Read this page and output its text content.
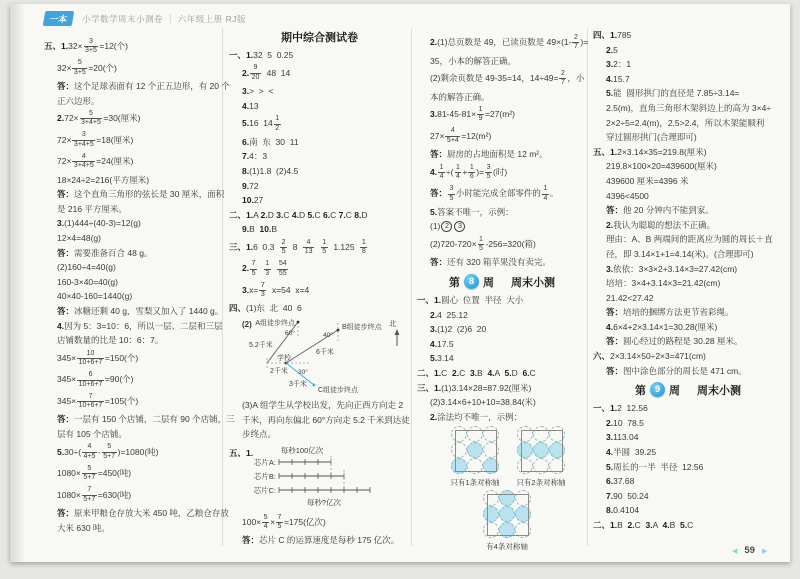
一本	小学数学周末小测卷 ｜ 六年级上册 RJ版
五、$1.32\times \frac{3}{3+5} =12$(个)
$32\times \frac{5}{3+5} =20$(个)
答：这个足球表面有 12 个正五边形，有 20 个
正六边形。
$2.72\times \frac{5}{3+4+5} =30$(厘米)
$72\times \frac{3}{3+4+5} =18$(厘米)
$72\times \frac{4}{3+4+5} =24$(厘米)
18×24÷2=216(平方厘米)
答：这个直角三角形的弦长是 30 厘米，面积
是 216 平方厘米。
3.(1)444÷(40-3)=12(g)
12×4=48(g)
答：需要准备百合 48 g。
(2)160÷4=40(g)
160-3×40=40(g)
40×40-160=1440(g)
答：冰糖还剩 40 g，雪梨又加入了 1440 g。
4.因为 5：3=10：6，所以一层、二层和三层
店铺数量的比是 10：6：7。
$345\times \frac{10}{10+6+7} =150$(个)
$345\times \frac{6}{10+6+7} =90$(个)
$345\times \frac{7}{10+6+7} =105$(个)
答：一层有 150 个店铺，二层有 90 个店铺，三
层有 105 个店铺。
$5.30\div( \frac{4}{4+5} - \frac{5}{5+7} )=1080$(吨)
$1080\times \frac{5}{5+7} =450$(吨)
$1080\times \frac{7}{5+7} =630$(吨)
答：原来甲粮仓存放大米 450 吨，乙粮仓存放
大米 630 吨。
期中综合测试卷
一、1.32  5  0.25
2. $\frac{9}{20} 48$  14
3.>  >  <
4.13
5.16  $14 \frac{1}{2}$
6.南  东  30  11
7.4：3
8.(1)1.8  (2)4.5
9.72
10.27
二、1.A 2.D 3.C 4.D 5.C 6.C 7.C 8.D
9.B  10.B
三、1.6  $0.3 \frac{2}{5} 8 \frac{4}{13}$
$\frac{1}{5} 1.125 \frac{1}{8}$
2. $\frac{7}{5}$
$\frac{1}{3}$
$\frac{54}{55}$
$3.x= \frac{7}{3} x=54$  x=4
四、(1)东  北  40  6
(2) A组徒步终点
60°
5.2千米
2千米
学校
40°
B组徒步终点
6千米
北
30°
3千米
C组徒步终点
(3)A 组学生从学校出发，先向正西方向走 2
千米，再向东偏北 60°方向走 5.2 千米到达徒
步终点。
五、1.	每秒100亿次
芯片A:
芯片B:
芯片C:
每秒?亿次
$100\times \frac{5}{4} \times \frac{7}{5} =175$(亿次)
答：芯片 C 的运算速度是每秒 175 亿次。
2.(1)总页数是 49，已读页数是 $49\times(1- \frac{2}{7}$ )=
35，小本的解答正确。
(2)剩余页数是 49-35=14，$14\div 49= \frac{2}{7}$ ，小
本的解答正确。
$3.81-45-81\times \frac{1}{9} =27(m^2)$
$27\times \frac{4}{5+4} =12(m^2)$
答：厨房的占地面积是 12 m²。
4. $\frac{1}{4}$ ÷( $\frac{1}{4} + \frac{1}{6}$ )= $\frac{3}{5}$ (时)
答： $\frac{3}{5}$ 小时能完成全部零件的 $\frac{1}{4}$ 。
5.答案不唯一，示例：
(1) 2 3
$(2)720-720\times \frac{1}{5} -256=320$(箱)
答：还有 320 箱苹果没有卖完。
第 8 周 周末小测
一、1.圆心  位置  半径  大小
2.4  25.12
3.(1)2  (2)6  20
4.17.5
5.3.14
二、1.C  2.C  3.B  4.A  5.D  6.C
三、1.(1)3.14×28=87.92(厘米)
(2)3.14×6+10+10=38.84(米)
2.涂法均不唯一，示例：
只有1条对称轴 只有2条对称轴
有4条对称轴
四、1.785
2.5
3.2：1
4.15.7
5.能  圆形拱门的直径是 7.85÷3.14=
2.5(m)，直角三角形木架斜边上的高为 3×4÷
2×2÷5=2.4(m)，2.5>2.4，所以木架能顺利
穿过圆形拱门(合理即可)
五、1.2×3.14×35=219.8(厘米)
219.8×100×20=439600(厘米)
439600 厘米=4396 米
4396<4500
答：他 20 分钟内不能到家。
2.我认为聪聪的想法不正确。
理由：A、B 两端间的距离应为圆的周长＋直
径，即 3.14×1+1=4.14(米)。(合理即可)
3.依依：3×3×2+3.14×3=27.42(cm)
培培：3×4+3.14×3=21.42(cm)
21.42<27.42
答：培培的捆绑方法更节省彩绳。
4.6×4+2×3.14×1=30.28(厘米)
答：圆心经过的路程是 30.28 厘米。
六、2×3.14×50÷2×3=471(cm)
答：图中涂色部分的周长是 471 cm。
第 9 周 周末小测
一、1.2  12.56
2.10  78.5
3.113.04
4.半圆  39.25
5.周长的一半  半径  12.56
6.37.68
7.90  50.24
8.0.4104
二、1.B  2.C  3.A  4.B  5.C
◀ 59 ▶
